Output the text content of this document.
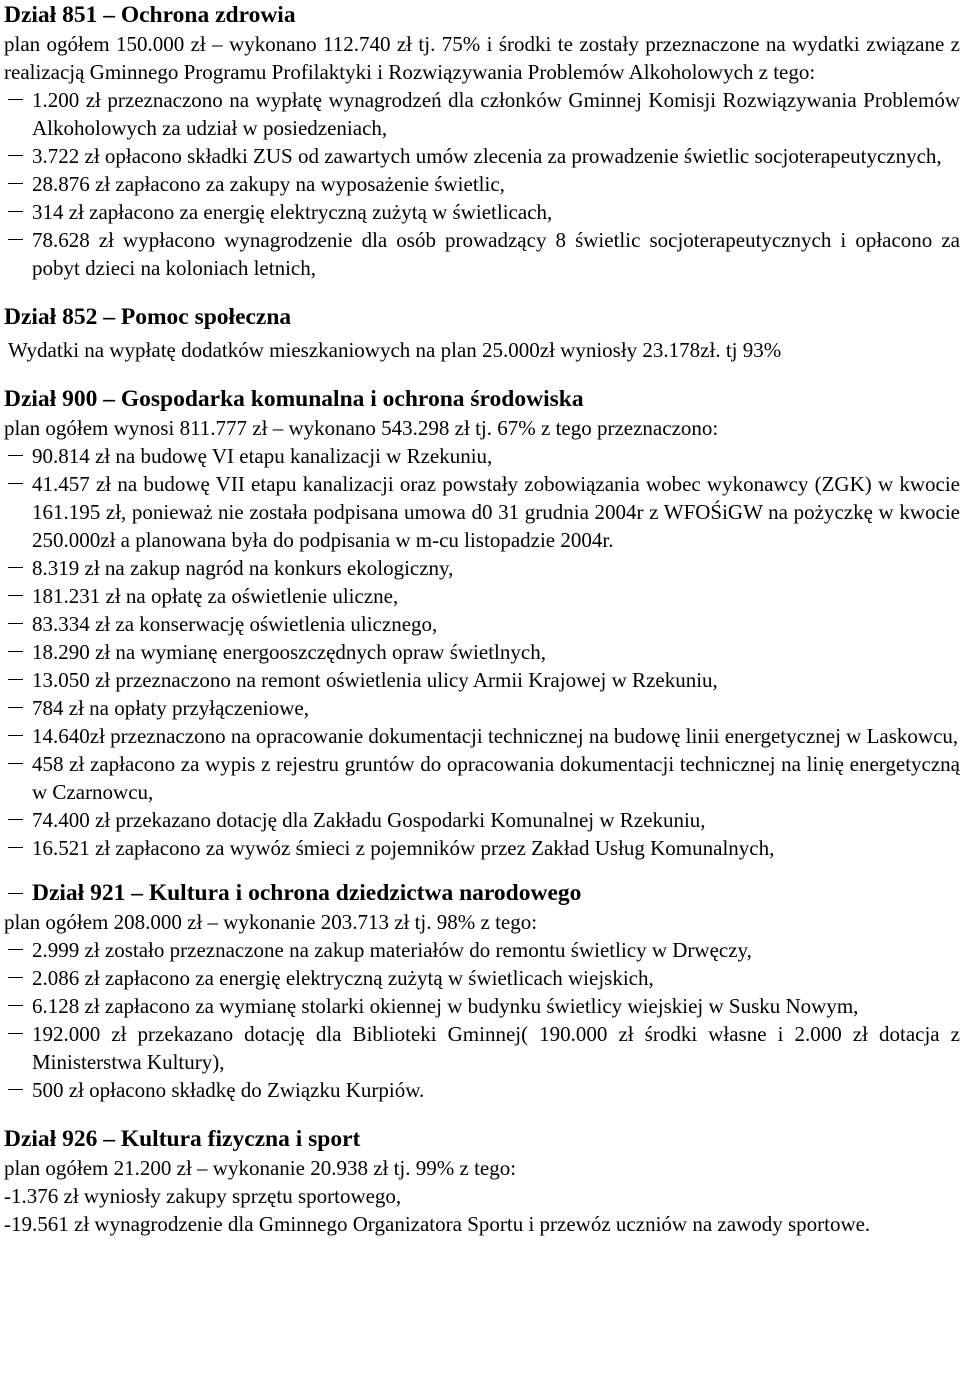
Dział 851 – Ochrona zdrowia
plan ogółem 150.000 zł – wykonano 112.740 zł tj. 75% i środki te zostały przeznaczone na wydatki związane z realizacją Gminnego Programu Profilaktyki i Rozwiązywania Problemów Alkoholowych z tego:
1.200 zł przeznaczono na wypłatę wynagrodzeń dla członków Gminnej Komisji Rozwiązywania Problemów Alkoholowych za udział w posiedzeniach,
3.722 zł opłacono składki ZUS od zawartych umów zlecenia za prowadzenie świetlic socjoterapeutycznych,
28.876 zł zapłacono za zakupy na wyposażenie świetlic,
314 zł zapłacono za energię elektryczną zużytą w świetlicach,
78.628 zł wypłacono wynagrodzenie dla osób prowadzący 8 świetlic socjoterapeutycznych i opłacono za pobyt dzieci na koloniach letnich,
Dział 852 – Pomoc społeczna
Wydatki na wypłatę dodatków mieszkaniowych na plan 25.000zł wyniosły 23.178zł. tj 93%
Dział 900 – Gospodarka komunalna i ochrona środowiska
plan ogółem wynosi 811.777 zł – wykonano 543.298 zł tj. 67% z tego przeznaczono:
90.814 zł na budowę VI etapu kanalizacji w Rzekuniu,
41.457 zł na budowę VII etapu kanalizacji oraz powstały zobowiązania wobec wykonawcy (ZGK) w kwocie 161.195 zł, ponieważ nie została podpisana umowa d0 31 grudnia 2004r z WFOŚiGW na pożyczkę w kwocie 250.000zł a planowana była do podpisania w m-cu listopadzie 2004r.
8.319 zł na zakup nagród na konkurs ekologiczny,
181.231 zł na opłatę za oświetlenie uliczne,
83.334 zł za konserwację oświetlenia ulicznego,
18.290 zł na wymianę energooszczędnych opraw świetlnych,
13.050 zł przeznaczono na remont oświetlenia ulicy Armii Krajowej w Rzekuniu,
784 zł na opłaty przyłączeniowe,
14.640zł przeznaczono na opracowanie dokumentacji technicznej na budowę linii energetycznej w Laskowcu,
458 zł zapłacono za wypis z rejestru gruntów do opracowania dokumentacji technicznej na linię energetyczną w Czarnowcu,
74.400 zł przekazano dotację dla Zakładu Gospodarki Komunalnej w Rzekuniu,
16.521 zł zapłacono za wywóz śmieci z pojemników przez Zakład Usług Komunalnych,
Dział 921 – Kultura i ochrona dziedzictwa narodowego
plan ogółem 208.000 zł – wykonanie 203.713 zł tj. 98% z tego:
2.999 zł zostało przeznaczone na zakup materiałów do remontu świetlicy w Drwęczy,
2.086 zł zapłacono za energię elektryczną zużytą w świetlicach wiejskich,
6.128 zł zapłacono za wymianę stolarki okiennej w budynku świetlicy wiejskiej w Susku Nowym,
192.000 zł przekazano dotację dla Biblioteki Gminnej( 190.000 zł środki własne i 2.000 zł dotacja z Ministerstwa Kultury),
500 zł opłacono składkę do Związku Kurpiów.
Dział 926 – Kultura fizyczna i sport
plan ogółem 21.200 zł – wykonanie 20.938 zł tj. 99% z tego:
-1.376 zł wyniosły zakupy sprzętu sportowego,
-19.561 zł wynagrodzenie dla Gminnego Organizatora Sportu i przewóz uczniów na zawody sportowe.
